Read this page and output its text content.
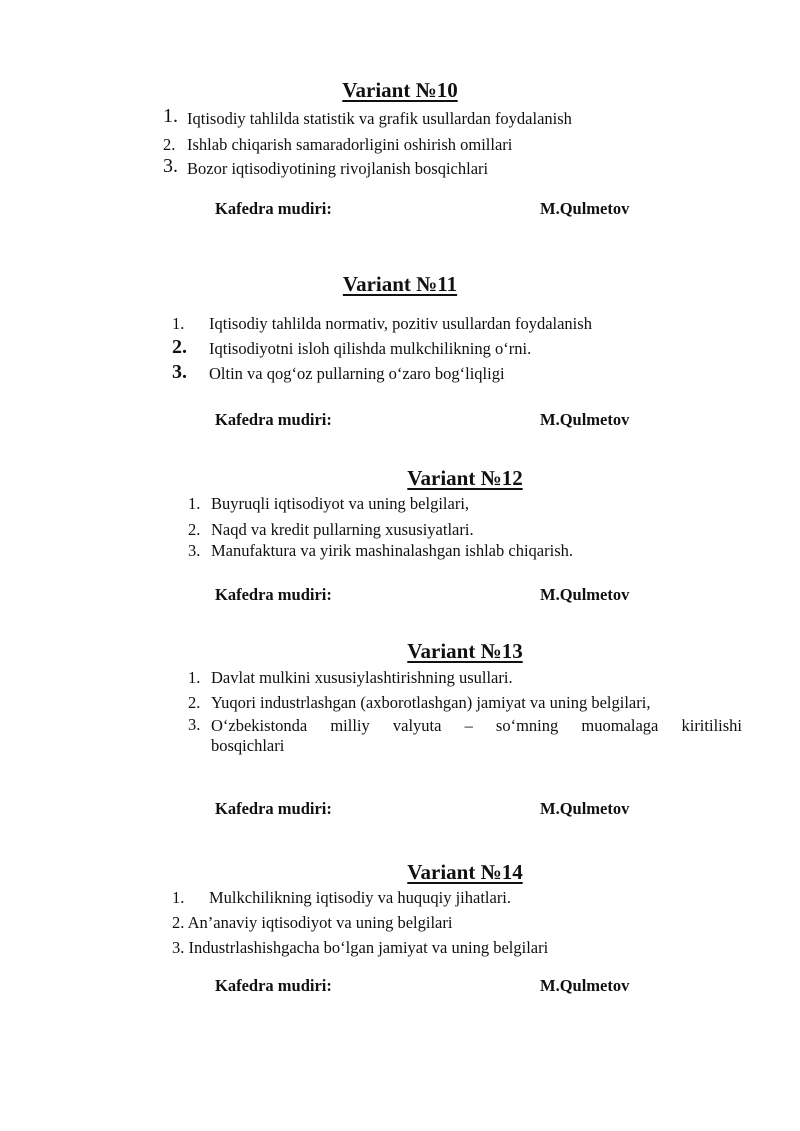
Variant №10
1. Iqtisodiy tahlilda statistik va grafik usullardan foydalanish
2. Ishlab chiqarish samaradorligini oshirish omillari
3. Bozor iqtisodiyotining rivojlanish bosqichlari
Kafedra mudiri:	M.Qulmetov
Variant №11
1. Iqtisodiy tahlilda normativ, pozitiv usullardan foydalanish
2. Iqtisodiyotni isloh qilishda mulkchilikning o‘rni.
3. Oltin va qog‘oz pullarning o‘zaro bog‘liqligi
Kafedra mudiri:	M.Qulmetov
Variant №12
1. Buyruqli iqtisodiyot va uning belgilari,
2. Naqd va kredit pullarning xususiyatlari.
3. Manufaktura va yirik mashinalashgan ishlab chiqarish.
Kafedra mudiri:	M.Qulmetov
Variant №13
1. Davlat mulkini xususiylashtirishning usullari.
2. Yuqori industrlashgan (axborotlashgan) jamiyat va uning belgilari,
3. O‘zbekistonda milliy valyuta – so‘mning muomalaga kiritilishi
bosqichlari
Kafedra mudiri:	M.Qulmetov
Variant №14
1. Mulkchilikning iqtisodiy va huquqiy jihatlari.
2. An’anaviy iqtisodiyot va uning belgilari
3. Industrlashishgacha bo‘lgan jamiyat va uning belgilari
Kafedra mudiri:	M.Qulmetov
